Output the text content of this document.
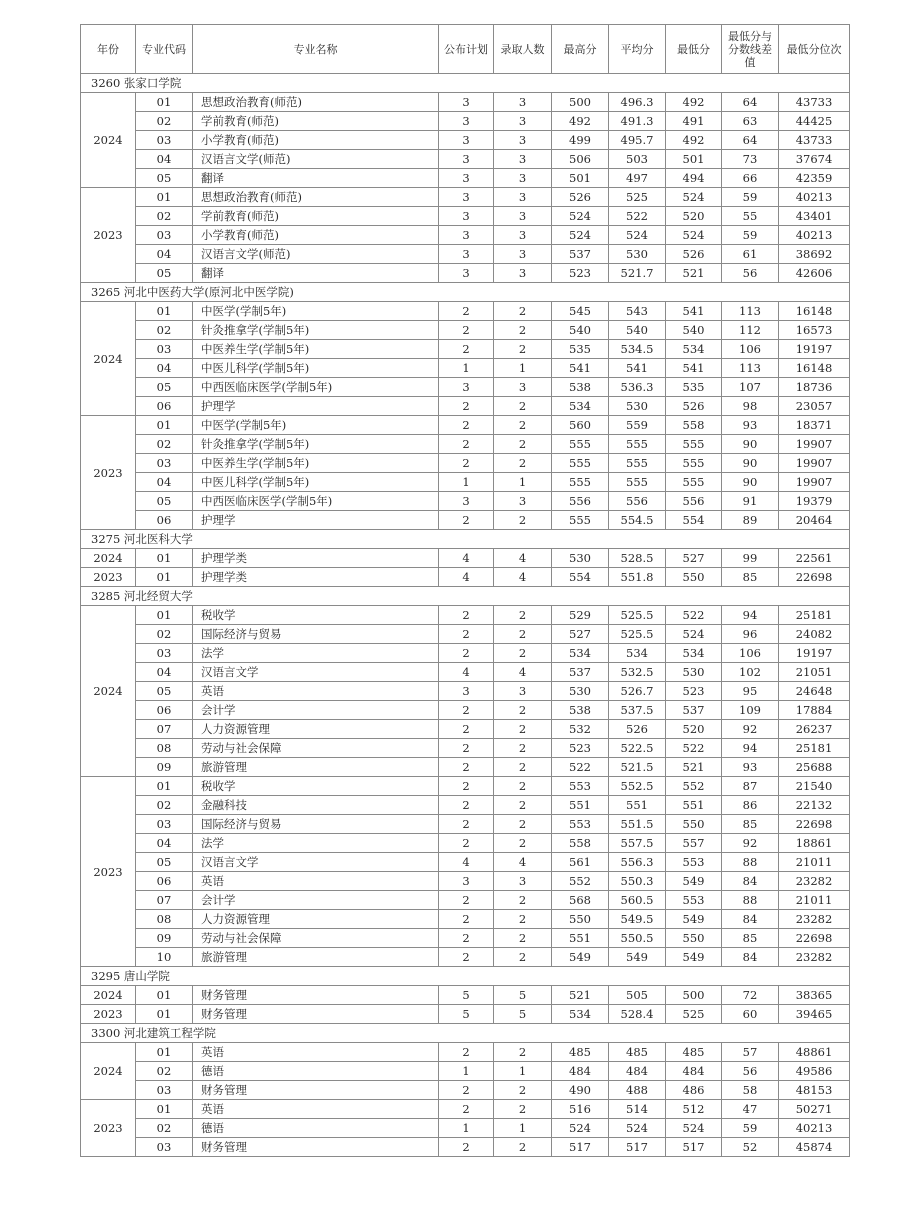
年份	专业代码	专业名称	公布计划	录取人数	最高分	平均分	最低分	最低分与分数线差值	最低分位次
3260 张家口学院									
2024	01	思想政治教育(师范)	3	3	500	496.3	492	64	43733
	02	学前教育(师范)	3	3	492	491.3	491	63	44425
	03	小学教育(师范)	3	3	499	495.7	492	64	43733
	04	汉语言文学(师范)	3	3	506	503	501	73	37674
	05	翻译	3	3	501	497	494	66	42359
2023	01	思想政治教育(师范)	3	3	526	525	524	59	40213
	02	学前教育(师范)	3	3	524	522	520	55	43401
	03	小学教育(师范)	3	3	524	524	524	59	40213
	04	汉语言文学(师范)	3	3	537	530	526	61	38692
	05	翻译	3	3	523	521.7	521	56	42606
3265 河北中医药大学(原河北中医学院)									
2024	01	中医学(学制5年)	2	2	545	543	541	113	16148
	02	针灸推拿学(学制5年)	2	2	540	540	540	112	16573
	03	中医养生学(学制5年)	2	2	535	534.5	534	106	19197
	04	中医儿科学(学制5年)	1	1	541	541	541	113	16148
	05	中西医临床医学(学制5年)	3	3	538	536.3	535	107	18736
	06	护理学	2	2	534	530	526	98	23057
2023	01	中医学(学制5年)	2	2	560	559	558	93	18371
	02	针灸推拿学(学制5年)	2	2	555	555	555	90	19907
	03	中医养生学(学制5年)	2	2	555	555	555	90	19907
	04	中医儿科学(学制5年)	1	1	555	555	555	90	19907
	05	中西医临床医学(学制5年)	3	3	556	556	556	91	19379
	06	护理学	2	2	555	554.5	554	89	20464
3275 河北医科大学									
2024	01	护理学类	4	4	530	528.5	527	99	22561
2023	01	护理学类	4	4	554	551.8	550	85	22698
3285 河北经贸大学									
2024	01	税收学	2	2	529	525.5	522	94	25181
	02	国际经济与贸易	2	2	527	525.5	524	96	24082
	03	法学	2	2	534	534	534	106	19197
	04	汉语言文学	4	4	537	532.5	530	102	21051
	05	英语	3	3	530	526.7	523	95	24648
	06	会计学	2	2	538	537.5	537	109	17884
	07	人力资源管理	2	2	532	526	520	92	26237
	08	劳动与社会保障	2	2	523	522.5	522	94	25181
	09	旅游管理	2	2	522	521.5	521	93	25688
2023	01	税收学	2	2	553	552.5	552	87	21540
	02	金融科技	2	2	551	551	551	86	22132
	03	国际经济与贸易	2	2	553	551.5	550	85	22698
	04	法学	2	2	558	557.5	557	92	18861
	05	汉语言文学	4	4	561	556.3	553	88	21011
	06	英语	3	3	552	550.3	549	84	23282
	07	会计学	2	2	568	560.5	553	88	21011
	08	人力资源管理	2	2	550	549.5	549	84	23282
	09	劳动与社会保障	2	2	551	550.5	550	85	22698
	10	旅游管理	2	2	549	549	549	84	23282
3295 唐山学院									
2024	01	财务管理	5	5	521	505	500	72	38365
2023	01	财务管理	5	5	534	528.4	525	60	39465
3300 河北建筑工程学院									
2024	01	英语	2	2	485	485	485	57	48861
	02	德语	1	1	484	484	484	56	49586
	03	财务管理	2	2	490	488	486	58	48153
2023	01	英语	2	2	516	514	512	47	50271
	02	德语	1	1	524	524	524	59	40213
	03	财务管理	2	2	517	517	517	52	45874
